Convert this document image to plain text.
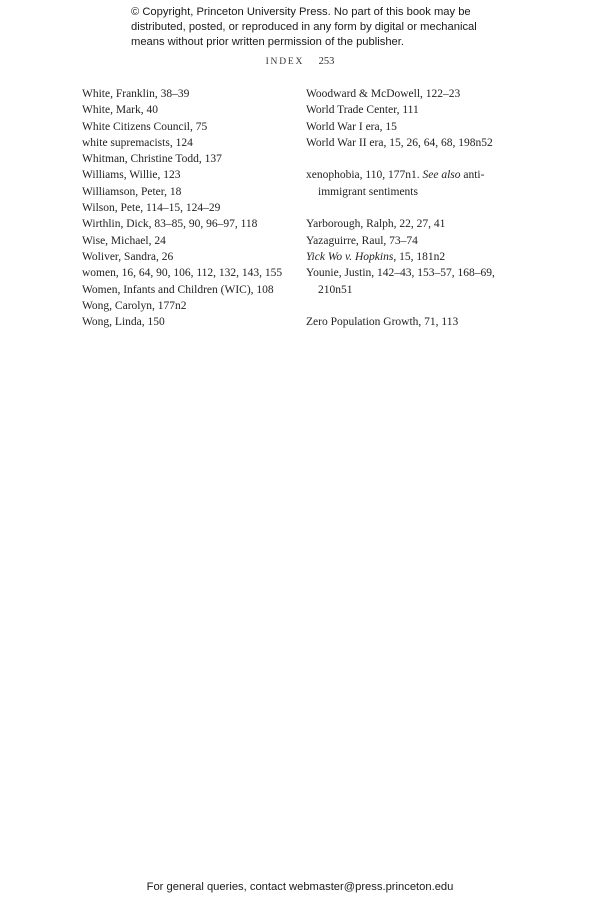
© Copyright, Princeton University Press. No part of this book may be distributed, posted, or reproduced in any form by digital or mechanical means without prior written permission of the publisher.
INDEX 253
White, Franklin, 38–39
White, Mark, 40
White Citizens Council, 75
white supremacists, 124
Whitman, Christine Todd, 137
Williams, Willie, 123
Williamson, Peter, 18
Wilson, Pete, 114–15, 124–29
Wirthlin, Dick, 83–85, 90, 96–97, 118
Wise, Michael, 24
Woliver, Sandra, 26
women, 16, 64, 90, 106, 112, 132, 143, 155
Women, Infants and Children (WIC), 108
Wong, Carolyn, 177n2
Wong, Linda, 150
Woodward & McDowell, 122–23
World Trade Center, 111
World War I era, 15
World War II era, 15, 26, 64, 68, 198n52
xenophobia, 110, 177n1. See also anti-immigrant sentiments
Yarborough, Ralph, 22, 27, 41
Yazaguirre, Raul, 73–74
Yick Wo v. Hopkins, 15, 181n2
Younie, Justin, 142–43, 153–57, 168–69, 210n51
Zero Population Growth, 71, 113
For general queries, contact webmaster@press.princeton.edu
